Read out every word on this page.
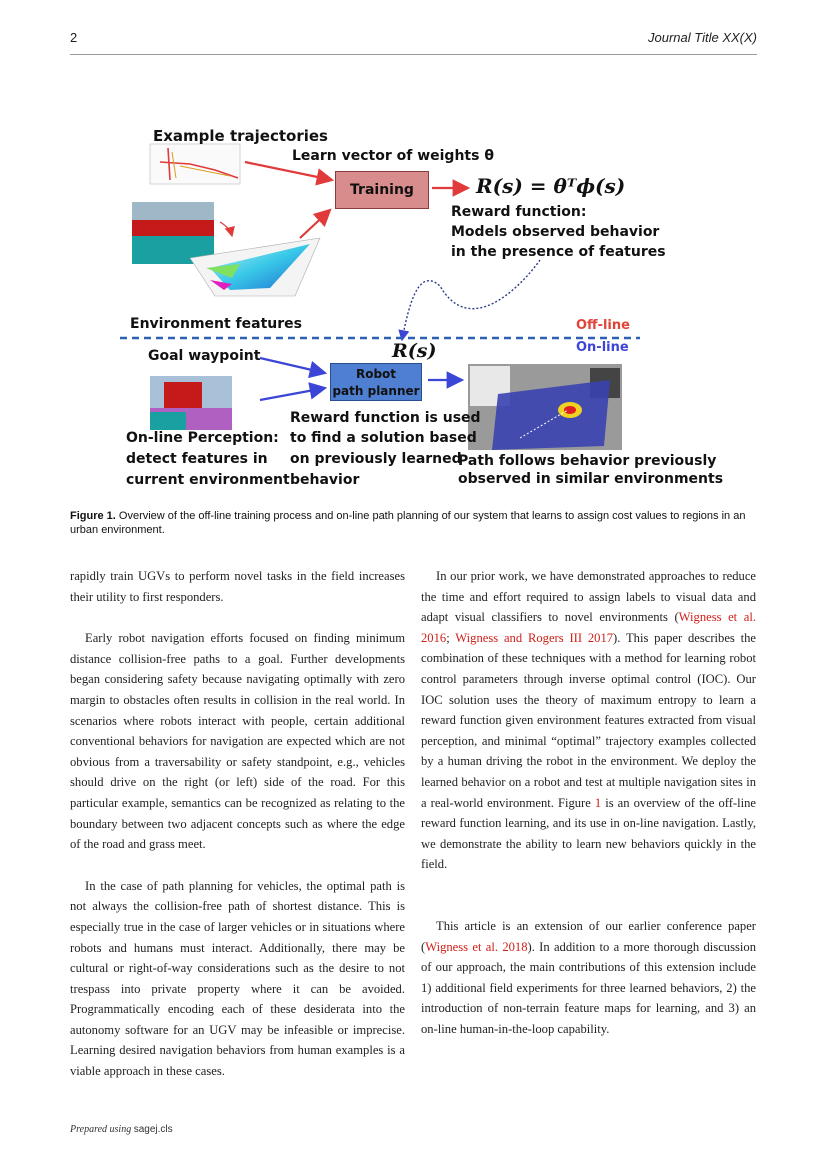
2	Journal Title XX(X)
Example trajectories
Learn vector of weights θ
Training	R(s) = θᵀϕ(s)
Reward function:
Models observed behavior
in the presence of features
Environment features	Off-line
On-line
Goal waypoint	R(s)
Robot
path planner
On-line Perception:
detect features in
current environment
Reward function is used
to find a solution based
on previously learned
behavior
Path follows behavior previously
observed in similar environments
Figure 1. Overview of the off-line training process and on-line path planning of our system that learns to assign cost values to regions in an urban environment.

rapidly train UGVs to perform novel tasks in the field increases their utility to first responders.

Early robot navigation efforts focused on finding minimum distance collision-free paths to a goal. Further developments began considering safety because navigating optimally with zero margin to obstacles often results in collision in the real world. In scenarios where robots interact with people, certain additional conventional behaviors for navigation are expected which are not obvious from a traversability or safety standpoint, e.g., vehicles should drive on the right (or left) side of the road. For this particular example, semantics can be recognized as relating to the boundary between two adjacent concepts such as where the edge of the road and grass meet.

In the case of path planning for vehicles, the optimal path is not always the collision-free path of shortest distance. This is especially true in the case of larger vehicles or in situations where robots and humans must interact. Additionally, there may be cultural or right-of-way considerations such as the desire to not trespass into private property where it can be avoided. Programmatically encoding each of these desiderata into the autonomy software for an UGV may be infeasible or imprecise. Learning desired navigation behaviors from human examples is a viable approach in these cases.

In our prior work, we have demonstrated approaches to reduce the time and effort required to assign labels to visual data and adapt visual classifiers to novel environments (Wigness et al. 2016; Wigness and Rogers III 2017). This paper describes the combination of these techniques with a method for learning robot control parameters through inverse optimal control (IOC). Our IOC solution uses the theory of maximum entropy to learn a reward function given environment features extracted from visual perception, and minimal “optimal” trajectory examples collected by a human driving the robot in the environment. We deploy the learned behavior on a robot and test at multiple navigation sites in a real-world environment. Figure 1 is an overview of the off-line reward function learning, and its use in on-line navigation. Lastly, we demonstrate the ability to learn new behaviors quickly in the field.

This article is an extension of our earlier conference paper (Wigness et al. 2018). In addition to a more thorough discussion of our approach, the main contributions of this extension include 1) additional field experiments for three learned behaviors, 2) the introduction of non-terrain feature maps for learning, and 3) an on-line human-in-the-loop capability.

Prepared using sagej.cls
